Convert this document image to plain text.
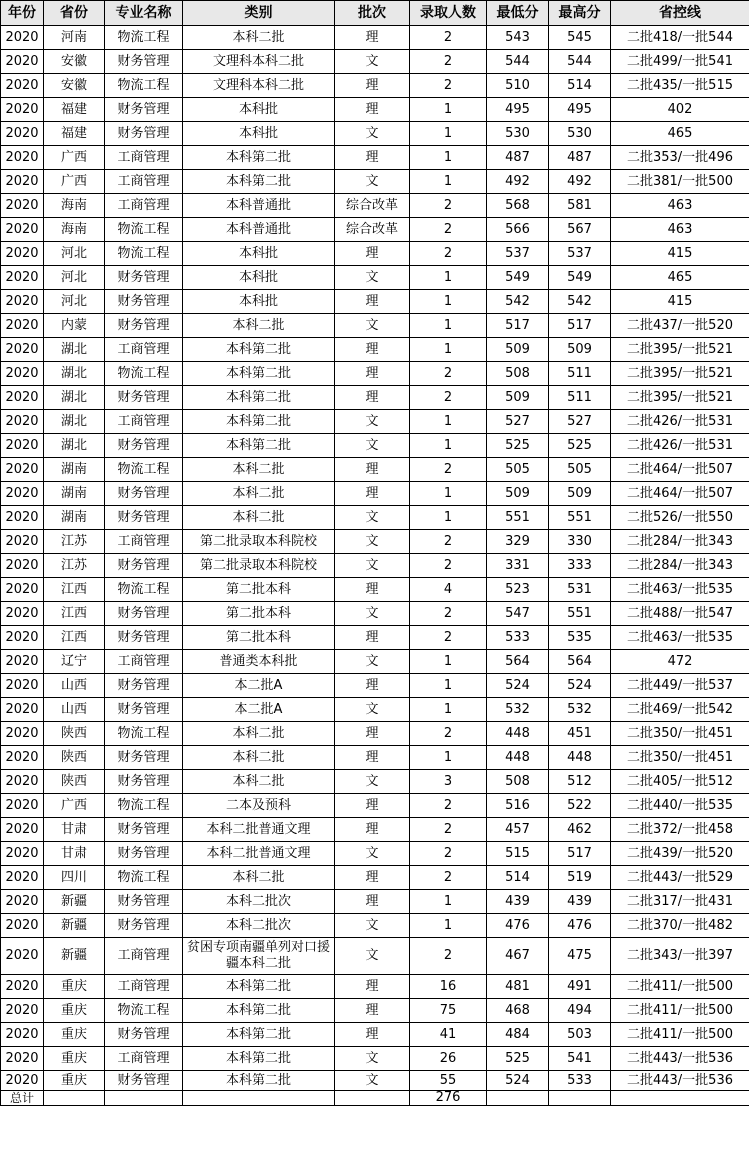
年份	省份	专业名称	类别	批次	录取人数	最低分	最高分	省控线
2020	河南	物流工程	本科二批	理	2	543	545	二批418/一批544
2020	安徽	财务管理	文理科本科二批	文	2	544	544	二批499/一批541
2020	安徽	物流工程	文理科本科二批	理	2	510	514	二批435/一批515
2020	福建	财务管理	本科批	理	1	495	495	402
2020	福建	财务管理	本科批	文	1	530	530	465
2020	广西	工商管理	本科第二批	理	1	487	487	二批353/一批496
2020	广西	工商管理	本科第二批	文	1	492	492	二批381/一批500
2020	海南	工商管理	本科普通批	综合改革	2	568	581	463
2020	海南	物流工程	本科普通批	综合改革	2	566	567	463
2020	河北	物流工程	本科批	理	2	537	537	415
2020	河北	财务管理	本科批	文	1	549	549	465
2020	河北	财务管理	本科批	理	1	542	542	415
2020	内蒙	财务管理	本科二批	文	1	517	517	二批437/一批520
2020	湖北	工商管理	本科第二批	理	1	509	509	二批395/一批521
2020	湖北	物流工程	本科第二批	理	2	508	511	二批395/一批521
2020	湖北	财务管理	本科第二批	理	2	509	511	二批395/一批521
2020	湖北	工商管理	本科第二批	文	1	527	527	二批426/一批531
2020	湖北	财务管理	本科第二批	文	1	525	525	二批426/一批531
2020	湖南	物流工程	本科二批	理	2	505	505	二批464/一批507
2020	湖南	财务管理	本科二批	理	1	509	509	二批464/一批507
2020	湖南	财务管理	本科二批	文	1	551	551	二批526/一批550
2020	江苏	工商管理	第二批录取本科院校	文	2	329	330	二批284/一批343
2020	江苏	财务管理	第二批录取本科院校	文	2	331	333	二批284/一批343
2020	江西	物流工程	第二批本科	理	4	523	531	二批463/一批535
2020	江西	财务管理	第二批本科	文	2	547	551	二批488/一批547
2020	江西	财务管理	第二批本科	理	2	533	535	二批463/一批535
2020	辽宁	工商管理	普通类本科批	文	1	564	564	472
2020	山西	财务管理	本二批A	理	1	524	524	二批449/一批537
2020	山西	财务管理	本二批A	文	1	532	532	二批469/一批542
2020	陕西	物流工程	本科二批	理	2	448	451	二批350/一批451
2020	陕西	财务管理	本科二批	理	1	448	448	二批350/一批451
2020	陕西	财务管理	本科二批	文	3	508	512	二批405/一批512
2020	广西	物流工程	二本及预科	理	2	516	522	二批440/一批535
2020	甘肃	财务管理	本科二批普通文理	理	2	457	462	二批372/一批458
2020	甘肃	财务管理	本科二批普通文理	文	2	515	517	二批439/一批520
2020	四川	物流工程	本科二批	理	2	514	519	二批443/一批529
2020	新疆	财务管理	本科二批次	理	1	439	439	二批317/一批431
2020	新疆	财务管理	本科二批次	文	1	476	476	二批370/一批482
2020	新疆	工商管理	贫困专项南疆单列对口援疆本科二批	文	2	467	475	二批343/一批397
2020	重庆	工商管理	本科第二批	理	16	481	491	二批411/一批500
2020	重庆	物流工程	本科第二批	理	75	468	494	二批411/一批500
2020	重庆	财务管理	本科第二批	理	41	484	503	二批411/一批500
2020	重庆	工商管理	本科第二批	文	26	525	541	二批443/一批536
2020	重庆	财务管理	本科第二批	文	55	524	533	二批443/一批536
总计					276			
